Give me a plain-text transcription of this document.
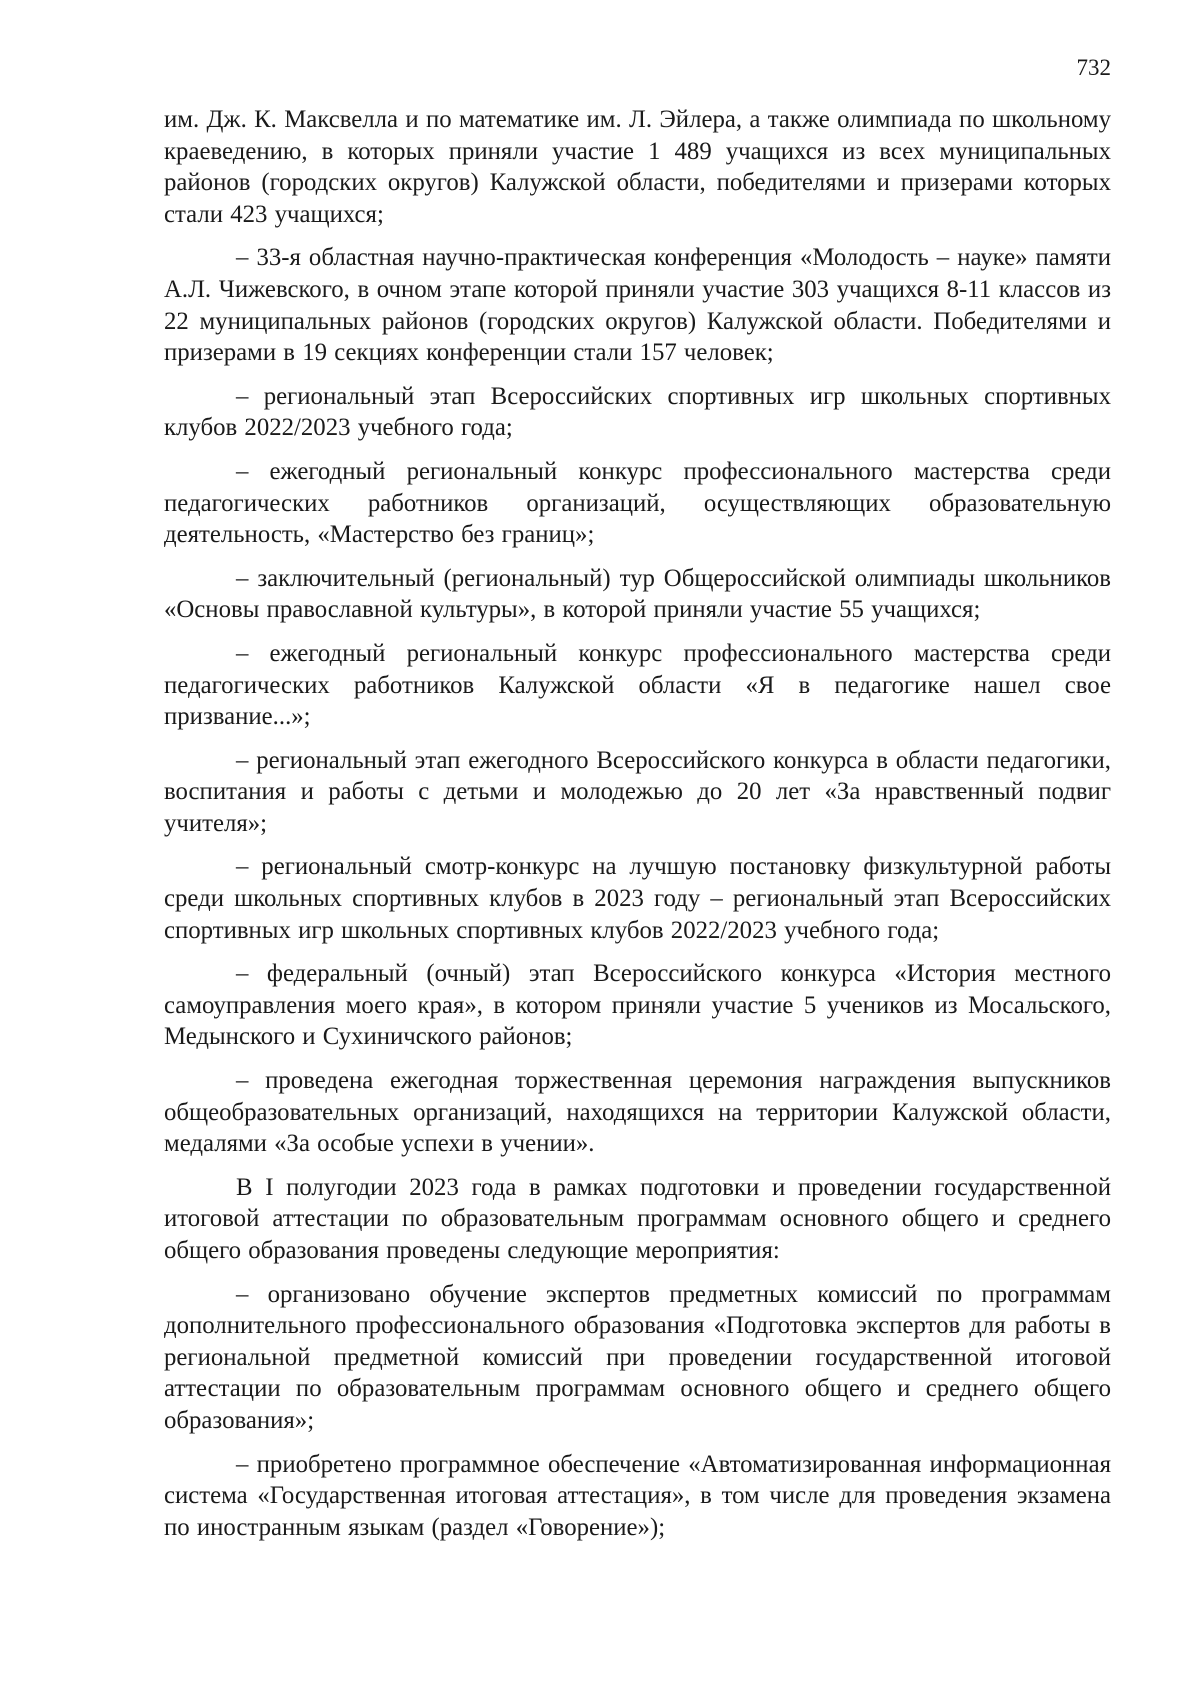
732

им. Дж. К. Максвелла и по математике им. Л. Эйлера, а также олимпиада по школьному краеведению, в которых приняли участие 1 489 учащихся из всех муниципальных районов (городских округов) Калужской области, победителями и призерами которых стали 423 учащихся;

– 33-я областная научно-практическая конференция «Молодость – науке» памяти А.Л. Чижевского, в очном этапе которой приняли участие 303 учащихся 8-11 классов из 22 муниципальных районов (городских округов) Калужской области. Победителями и призерами в 19 секциях конференции стали 157 человек;

– региональный этап Всероссийских спортивных игр школьных спортивных клубов 2022/2023 учебного года;

– ежегодный региональный конкурс профессионального мастерства среди педагогических работников организаций, осуществляющих образовательную деятельность, «Мастерство без границ»;

– заключительный (региональный) тур Общероссийской олимпиады школьников «Основы православной культуры», в которой приняли участие 55 учащихся;

– ежегодный региональный конкурс профессионального мастерства среди педагогических работников Калужской области «Я в педагогике нашел свое призвание...»;

– региональный этап ежегодного Всероссийского конкурса в области педагогики, воспитания и работы с детьми и молодежью до 20 лет «За нравственный подвиг учителя»;

– региональный смотр-конкурс на лучшую постановку физкультурной работы среди школьных спортивных клубов в 2023 году – региональный этап Всероссийских спортивных игр школьных спортивных клубов 2022/2023 учебного года;

– федеральный (очный) этап Всероссийского конкурса «История местного самоуправления моего края», в котором приняли участие 5 учеников из Мосальского, Медынского и Сухиничского районов;

– проведена ежегодная торжественная церемония награждения выпускников общеобразовательных организаций, находящихся на территории Калужской области, медалями «За особые успехи в учении».

В I полугодии 2023 года в рамках подготовки и проведении государственной итоговой аттестации по образовательным программам основного общего и среднего общего образования проведены следующие мероприятия:

– организовано обучение экспертов предметных комиссий по программам дополнительного профессионального образования «Подготовка экспертов для работы в региональной предметной комиссий при проведении государственной итоговой аттестации по образовательным программам основного общего и среднего общего образования»;

– приобретено программное обеспечение «Автоматизированная информационная система «Государственная итоговая аттестация», в том числе для проведения экзамена по иностранным языкам (раздел «Говорение»);
